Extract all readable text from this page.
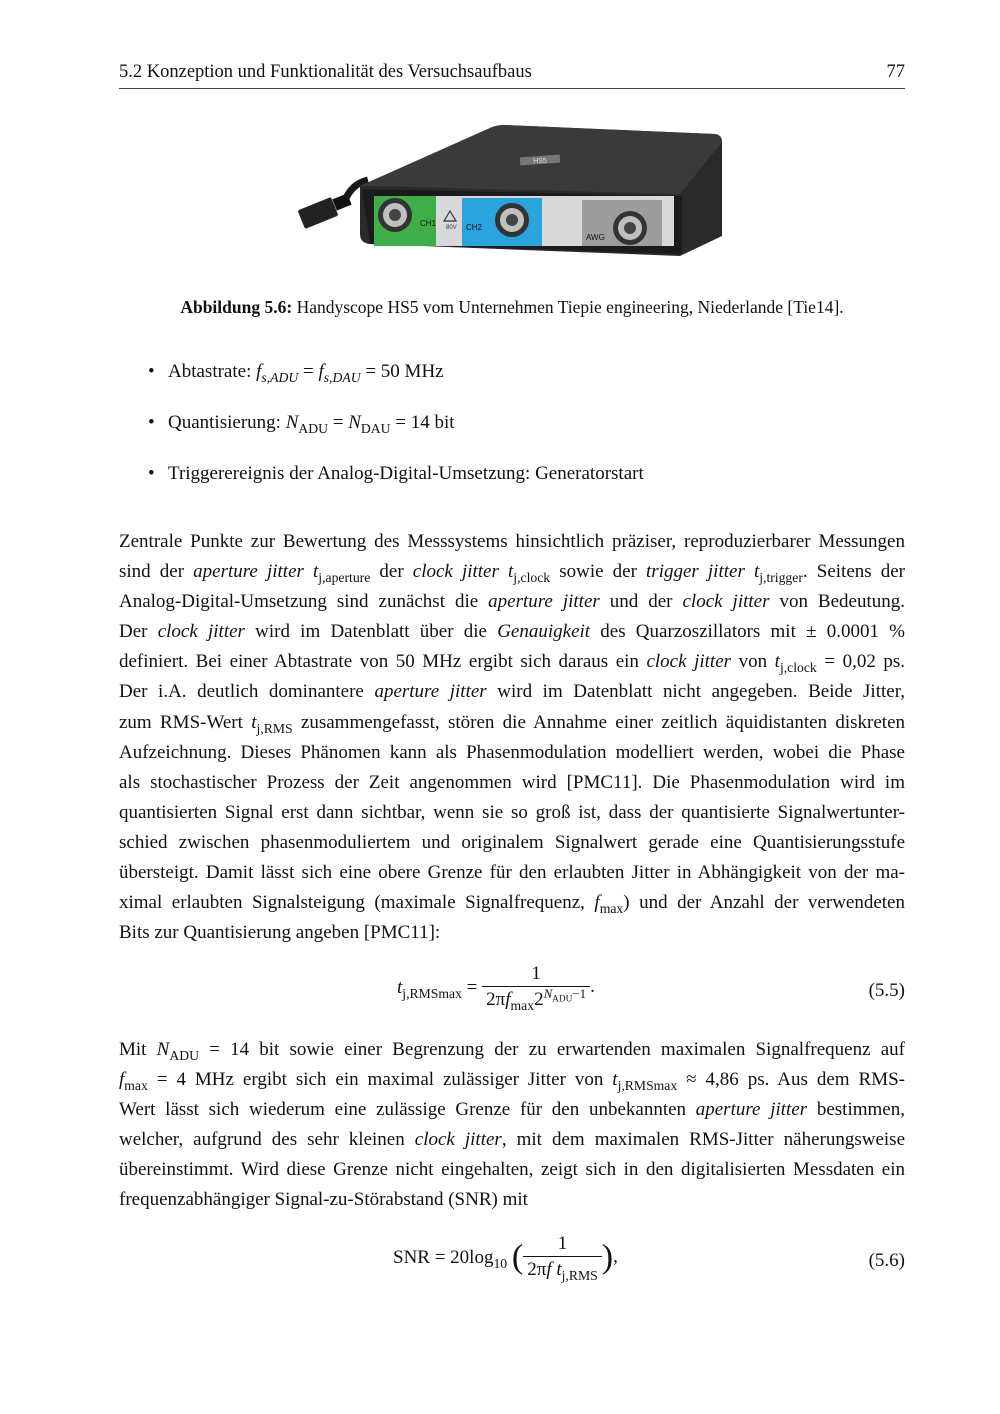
5.2 Konzeption und Funktionalität des Versuchsaufbaus	77
HS5
CH1 80V CH2
AWG
Abbildung 5.6: Handyscope HS5 vom Unternehmen Tiepie engineering, Niederlande [Tie14].
• Abtastrate: $f_{s,ADU} = f_{s,DAU} = 50$ MHz
• Quantisierung: $N_{ADU} = N_{DAU} = 14$ bit
• Triggerereignis der Analog-Digital-Umsetzung: Generatorstart
Zentrale Punkte zur Bewertung des Messsystems hinsichtlich präziser, reproduzierbarer Messungen
sind der aperture jitter $t_{j,aperture}$ der clock jitter $t_{j,clock}$ sowie der trigger jitter $t_{j,trigger}$. Seitens der
Analog-Digital-Umsetzung sind zunächst die aperture jitter und der clock jitter von Bedeutung.
Der clock jitter wird im Datenblatt über die Genauigkeit des Quarzoszillators mit ± 0.0001 %
definiert. Bei einer Abtastrate von 50 MHz ergibt sich daraus ein clock jitter von $t_{j,clock} = 0,02$ ps.
Der i.A. deutlich dominantere aperture jitter wird im Datenblatt nicht angegeben. Beide Jitter,
zum RMS-Wert $t_{j,RMS}$ zusammengefasst, stören die Annahme einer zeitlich äquidistanten diskreten
Aufzeichnung. Dieses Phänomen kann als Phasenmodulation modelliert werden, wobei die Phase
als stochastischer Prozess der Zeit angenommen wird [PMC11]. Die Phasenmodulation wird im
quantisierten Signal erst dann sichtbar, wenn sie so groß ist, dass der quantisierte Signalwertunter-
schied zwischen phasenmoduliertem und originalem Signalwert gerade eine Quantisierungsstufe
übersteigt. Damit lässt sich eine obere Grenze für den erlaubten Jitter in Abhängigkeit von der ma-
ximal erlaubten Signalsteigung (maximale Signalfrequenz, $f_{max}$) und der Anzahl der verwendeten
Bits zur Quantisierung angeben [PMC11]:
$t_{j,RMSmax} = \frac{1}{2\pi f_{max}2^{N_{ADU}-1}}$ .	(5.5)
Mit $N_{ADU} = 14$ bit sowie einer Begrenzung der zu erwartenden maximalen Signalfrequenz auf
$f_{max} = 4$ MHz ergibt sich ein maximal zulässiger Jitter von $t_{j,RMSmax} \approx 4,86$ ps. Aus dem RMS-
Wert lässt sich wiederum eine zulässige Grenze für den unbekannten aperture jitter bestimmen,
welcher, aufgrund des sehr kleinen clock jitter, mit dem maximalen RMS-Jitter näherungsweise
übereinstimmt. Wird diese Grenze nicht eingehalten, zeigt sich in den digitalisierten Messdaten ein
frequenzabhängiger Signal-zu-Störabstand (SNR) mit
SNR = $20\log_{10}$ ( $\frac{1}{2\pi f t_{j,RMS}}$ ),	(5.6)
